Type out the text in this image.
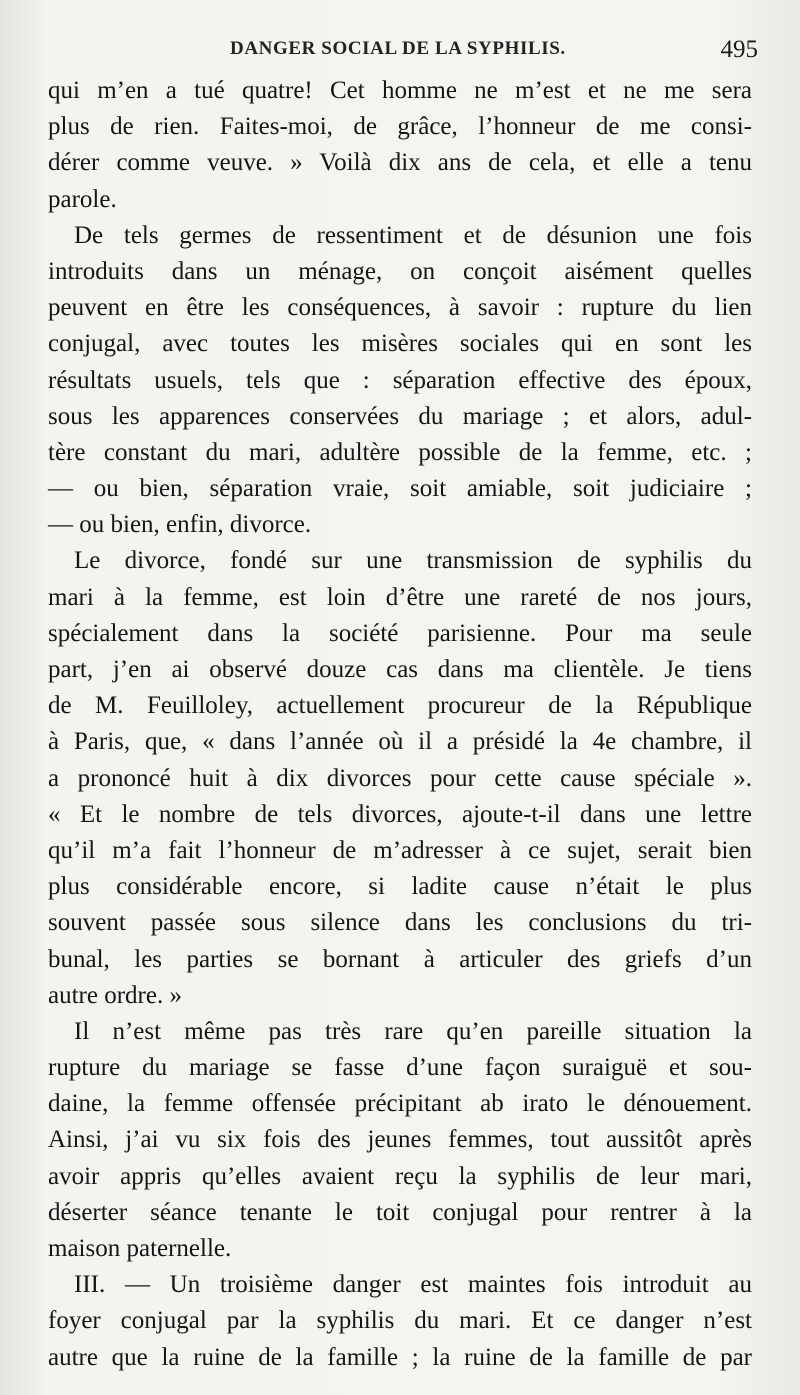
DANGER SOCIAL DE LA SYPHILIS.	495
qui m’en a tué quatre! Cet homme ne m’est et ne me sera
plus de rien. Faites-moi, de grâce, l’honneur de me consi-
dérer comme veuve. » Voilà dix ans de cela, et elle a tenu
parole.
De tels germes de ressentiment et de désunion une fois
introduits dans un ménage, on conçoit aisément quelles
peuvent en être les conséquences, à savoir : rupture du lien
conjugal, avec toutes les misères sociales qui en sont les
résultats usuels, tels que : séparation effective des époux,
sous les apparences conservées du mariage ; et alors, adul-
tère constant du mari, adultère possible de la femme, etc. ;
— ou bien, séparation vraie, soit amiable, soit judiciaire ;
— ou bien, enfin, divorce.
Le divorce, fondé sur une transmission de syphilis du
mari à la femme, est loin d’être une rareté de nos jours,
spécialement dans la société parisienne. Pour ma seule
part, j’en ai observé douze cas dans ma clientèle. Je tiens
de M. Feuilloley, actuellement procureur de la République
à Paris, que, « dans l’année où il a présidé la 4e chambre, il
a prononcé huit à dix divorces pour cette cause spéciale ».
« Et le nombre de tels divorces, ajoute-t-il dans une lettre
qu’il m’a fait l’honneur de m’adresser à ce sujet, serait bien
plus considérable encore, si ladite cause n’était le plus
souvent passée sous silence dans les conclusions du tri-
bunal, les parties se bornant à articuler des griefs d’un
autre ordre. »
Il n’est même pas très rare qu’en pareille situation la
rupture du mariage se fasse d’une façon suraiguë et sou-
daine, la femme offensée précipitant ab irato le dénouement.
Ainsi, j’ai vu six fois des jeunes femmes, tout aussitôt après
avoir appris qu’elles avaient reçu la syphilis de leur mari,
déserter séance tenante le toit conjugal pour rentrer à la
maison paternelle.
III. — Un troisième danger est maintes fois introduit au
foyer conjugal par la syphilis du mari. Et ce danger n’est
autre que la ruine de la famille ; la ruine de la famille de par
